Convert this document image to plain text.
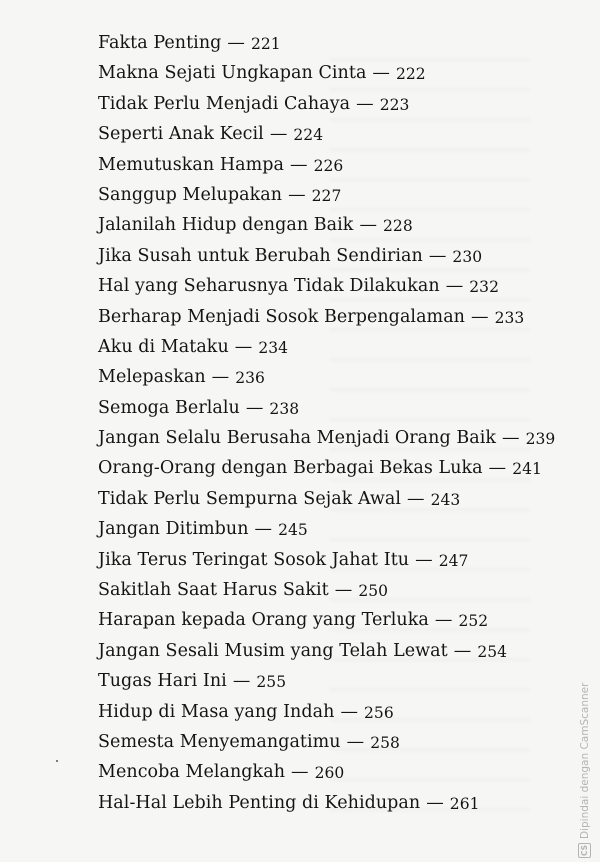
Fakta Penting — 221
Makna Sejati Ungkapan Cinta — 222
Tidak Perlu Menjadi Cahaya — 223
Seperti Anak Kecil — 224
Memutuskan Hampa — 226
Sanggup Melupakan — 227
Jalanilah Hidup dengan Baik — 228
Jika Susah untuk Berubah Sendirian — 230
Hal yang Seharusnya Tidak Dilakukan — 232
Berharap Menjadi Sosok Berpengalaman — 233
Aku di Mataku — 234
Melepaskan — 236
Semoga Berlalu — 238
Jangan Selalu Berusaha Menjadi Orang Baik — 239
Orang-Orang dengan Berbagai Bekas Luka — 241
Tidak Perlu Sempurna Sejak Awal — 243
Jangan Ditimbun — 245
Jika Terus Teringat Sosok Jahat Itu — 247
Sakitlah Saat Harus Sakit — 250
Harapan kepada Orang yang Terluka — 252
Jangan Sesali Musim yang Telah Lewat — 254
Tugas Hari Ini — 255
Hidup di Masa yang Indah — 256
Semesta Menyemangatimu — 258
Mencoba Melangkah — 260
Hal-Hal Lebih Penting di Kehidupan — 261
CS
Dipindai dengan CamScanner
